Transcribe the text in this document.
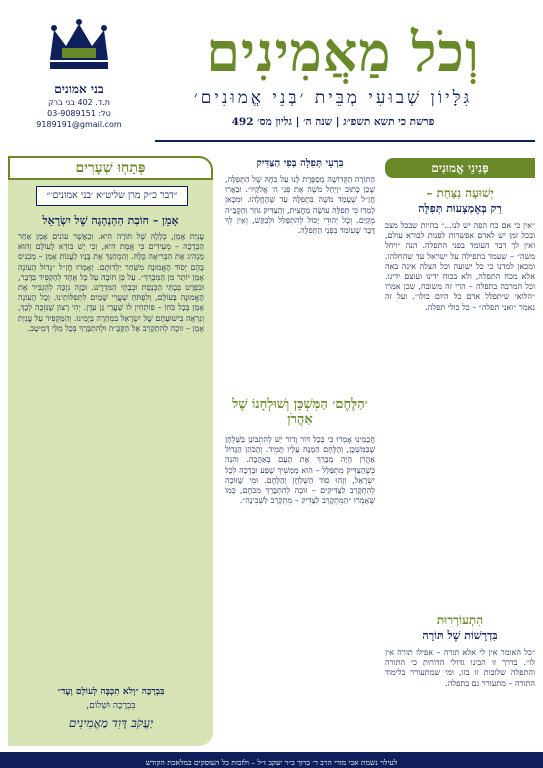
וְכֹל מַאֲמִינִים
גִּלָּיוֹן שְׁבוּעִי מְבֵּית ׳בְּנֵי אֱמוּנִים׳
פרשת כי תשא תשפ״ג | שנה ה׳ | גליון מס׳ 492
בני אמונים
ת.ד. 402 בני ברק
טל: 03-9089151
9189191@gmail.com
פְּנִינֵי אֱמוּנִים
יְשׁוּעָה נִצַּחַת –
רַק בְּאֶמְצָעוּת תְּפִלָּה
״אין כי אם כח הפה יש לנו...״ בהיות שבכל מצב ובכל זמן יש לאדם אפשרות לפנות לבורא עולם, ואין לך דבר העומד בפני התפלה. הנה ״ויחל משה״ – שעמד בתפילה על ישראל עד שהחלהו. ומכאן למדנו כי כל ישועה וכל הצלה אינה באה אלא מכח התפלה, ולא בכוח ידינו ועוצם ידינו. וכל המרבה בתפלה – הרי זה משובח, שכן אמרו ״הלואי שיתפלל אדם כל היום כולו״. ועל זה נאמר ״ואני תפלה״ – כל כולי תפלה.
הִתְעוֹרְרוּת
בִּדְרָשׁוֹת שֶׁל תּוֹרָה
״כל האומר אין לי אלא תורה – אפילו תורה אין לו״. בדרך זו הבינו גדולי הדורות כי התורה והתפלה שלובות זו בזו, ומי שמתעורר בלימוד התורה – מתעורר גם בתפלה.
בִּרְעֵי תְּפִלָּה בְּפִי הַצַּדִּיק
הַתּוֹרָה הַקְּדוֹשָׁה מְסַפֶּרֶת לָנוּ עַל כֹּחָהּ שֶׁל הַתְּפִלָּה, שֶׁכֵּן כָּתוּב ״וַיְחַל מֹשֶׁה אֶת פְּנֵי ה׳ אֱלֹקָיו״. וּבֵאֲרוּ חֲזַ״ל שֶׁעָמַד מֹשֶׁה בִּתְפִלָּה עַד שֶׁהֶחֱלָהוּ. וּמִכָּאן לָמְדוּ כִּי תְּפִלָּה עוֹשָׂה מַחֲצִית, וְהַצַּדִּיק גּוֹזֵר וְהַקָּבָּ״ה מְקַיֵּם. וְכָל יְהוּדִי יָכוֹל לְהִתְפַּלֵּל וּלְבַקֵּשׁ, וְאֵין לְךָ דָּבָר שֶׁעוֹמֵד בִּפְנֵי הַתְּפִלָּה.
׳הַלֶּחֶם׳ הַמִּשְׁכָּן וְשׁוּלְחָנוֹ שֶׁל אַהֲרֹן
חֲכָמֵינוּ אָמְרוּ כִּי בְּכָל דּוֹר וָדוֹר יֵשׁ לְהִתְבּוֹנֵן בַּשֻּׁלְחָן שֶׁבַּמִּשְׁכָּן, וְהַלֶּחֶם הַמֻּנָּח עָלָיו תָּמִיד. וְהַכֹּהֵן הַגָּדוֹל אַהֲרֹן הָיָה מְבָרֵךְ אֶת הָעָם בְּאַהֲבָה. וְהִנֵּה כְּשֶׁהַצַּדִּיק מִתְפַּלֵּל – הוּא מַמְשִׁיךְ שֶׁפַע וּבְרָכָה לְכָל יִשְׂרָאֵל, וְזֶהוּ סוֹד הַשֻּׁלְחָן וְהַלֶּחֶם. וּמִי שֶׁזּוֹכֶה לְהִתְקָרֵב לַצַּדִּיקִים – זוֹכֶה לְהִתְבָּרֵךְ מִכֹּחָם, כְּמוֹ שֶׁאָמְרוּ ״הַמִּתְקָרֵב לְצַדִּיק – מִתְקָרֵב לַשְּׁכִינָה״.
פְּתַחְוּ שְׁעָרִים
״דבר כ״ק מרן שליט״א ׳בני אמונים׳״
אָמֵן – חוֹבַת הַהַנְהָגָה שֶׁל יִשְׂרָאֵל
עָנִיַּת אָמֵן, כְּלָלָהּ שֶׁל תּוֹרָה הִיא. וְכַאֲשֶׁר עוֹנִים אָמֵן אַחַר הַבְּרָכָה – מְעִידִים כִּי אֱמֶת הִיא, וְכִי יֵשׁ בּוֹרֵא לָעוֹלָם וְהוּא מַנְהִיג אֶת הַבְּרִיאָה כֻּלָּהּ. וְהַמְחַנֵּךְ אֶת בָּנָיו לַעֲנוֹת אָמֵן – מַכְנִיס בָּהֶם יְסוֹד הָאֱמוּנָה מִשַּׁחַר יַלְדוּתָם. וְאָמְרוּ חֲזַ״ל ״גָּדוֹל הָעוֹנֶה אָמֵן יוֹתֵר מִן הַמְּבָרֵךְ״. עַל כֵּן חוֹבָה עַל כָּל אֶחָד לְהַקְפִּיד בַּדָּבָר, וּבִפְרָט בְּבָתֵּי הַכְּנֶסֶת וּבְבָתֵּי הַמִּדְרָשׁ. וּבָזֶה נִזְכֶּה לְהַגְבִּיר אֶת הָאֱמוּנָה בָּעוֹלָם, וְלִפְתֹּחַ שַׁעֲרֵי שָׁמַיִם לִתְפִלּוֹתֵינוּ. וְכָל הָעוֹנֶה אָמֵן בְּכָל כֹּחוֹ – פּוֹתְחִין לוֹ שַׁעֲרֵי גַּן עֵדֶן. יְהִי רָצוֹן שֶׁנִּזְכֶּה לְכָךְ, וְנִרְאֶה בִּישׁוּעָתָם שֶׁל יִשְׂרָאֵל בִּמְהֵרָה בְּיָמֵינוּ. וְהַמַּקְפִּיד עַל עֲנִיַּת אָמֵן – זוֹכֶה לְהִתְקָרֵב אֶל הַקָּבָּ״ה וּלְהִתְבָּרֵךְ בְּכָל מִלֵּי דְּמֵיטָב.
בִּבְרָכָה ״וְלֹא תִכְבֶּה לְעוֹלָם וָעֶד״
בִּבְרָכָה וּשְׁלוֹם,
יַעֲקֹב דָּוִד מַאֲמִינִים
לעילוי נשמת אבי מורי הרב ר׳ ברוך ב״ר יעקב ז״ל – ולזכות כל העוסקים במלאכת הקודש
